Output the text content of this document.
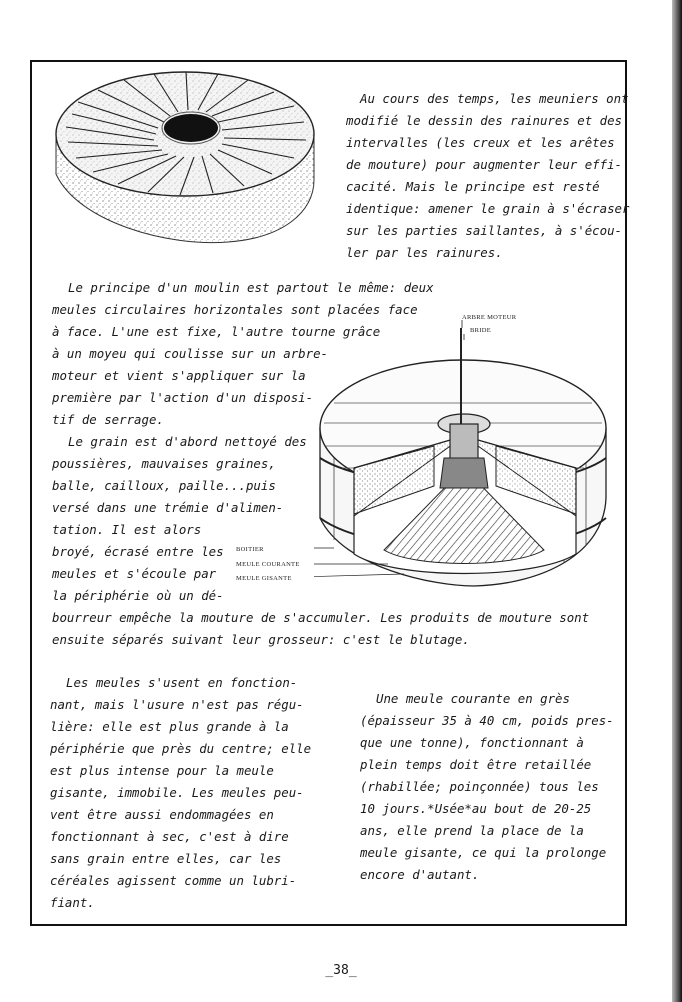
Au cours des temps, les meuniers ont
modifié le dessin des rainures et des
intervalles (les creux et les arêtes
de mouture) pour augmenter leur effi-
cacité. Mais le principe est resté
identique: amener le grain à s'écraser
sur les parties saillantes, à s'écou-
ler par les rainures.
Le principe d'un moulin est partout le même: deux
meules circulaires horizontales sont placées face
à face. L'une est fixe, l'autre tourne grâce
à un moyeu qui coulisse sur un arbre-
moteur et vient s'appliquer sur la
première par l'action d'un disposi-
tif de serrage.
Le grain est d'abord nettoyé des
poussières, mauvaises graines,
balle, cailloux, paille...puis
versé dans une trémie d'alimen-
tation. Il est alors
broyé, écrasé entre les
meules et s'écoule par
la périphérie où un dé-
bourreur empêche la mouture de s'accumuler. Les produits de mouture sont
ensuite séparés suivant leur grosseur: c'est le blutage.
ARBRE MOTEUR
BRIDE
BOITIER
MEULE COURANTE
MEULE GISANTE
Les meules s'usent en fonction-
nant, mais l'usure n'est pas régu-
lière: elle est plus grande à la
périphérie que près du centre; elle
est plus intense pour la meule
gisante, immobile. Les meules peu-
vent être aussi endommagées en
fonctionnant à sec, c'est à dire
sans grain entre elles, car les
céréales agissent comme un lubri-
fiant.
Une meule courante en grès
(épaisseur 35 à 40 cm, poids pres-
que une tonne), fonctionnant à
plein temps doit être retaillée
(rhabillée; poinçonnée) tous les
10 jours.*Usée*au bout de 20-25
ans, elle prend la place de la
meule gisante, ce qui la prolonge
encore d'autant.
_38_
